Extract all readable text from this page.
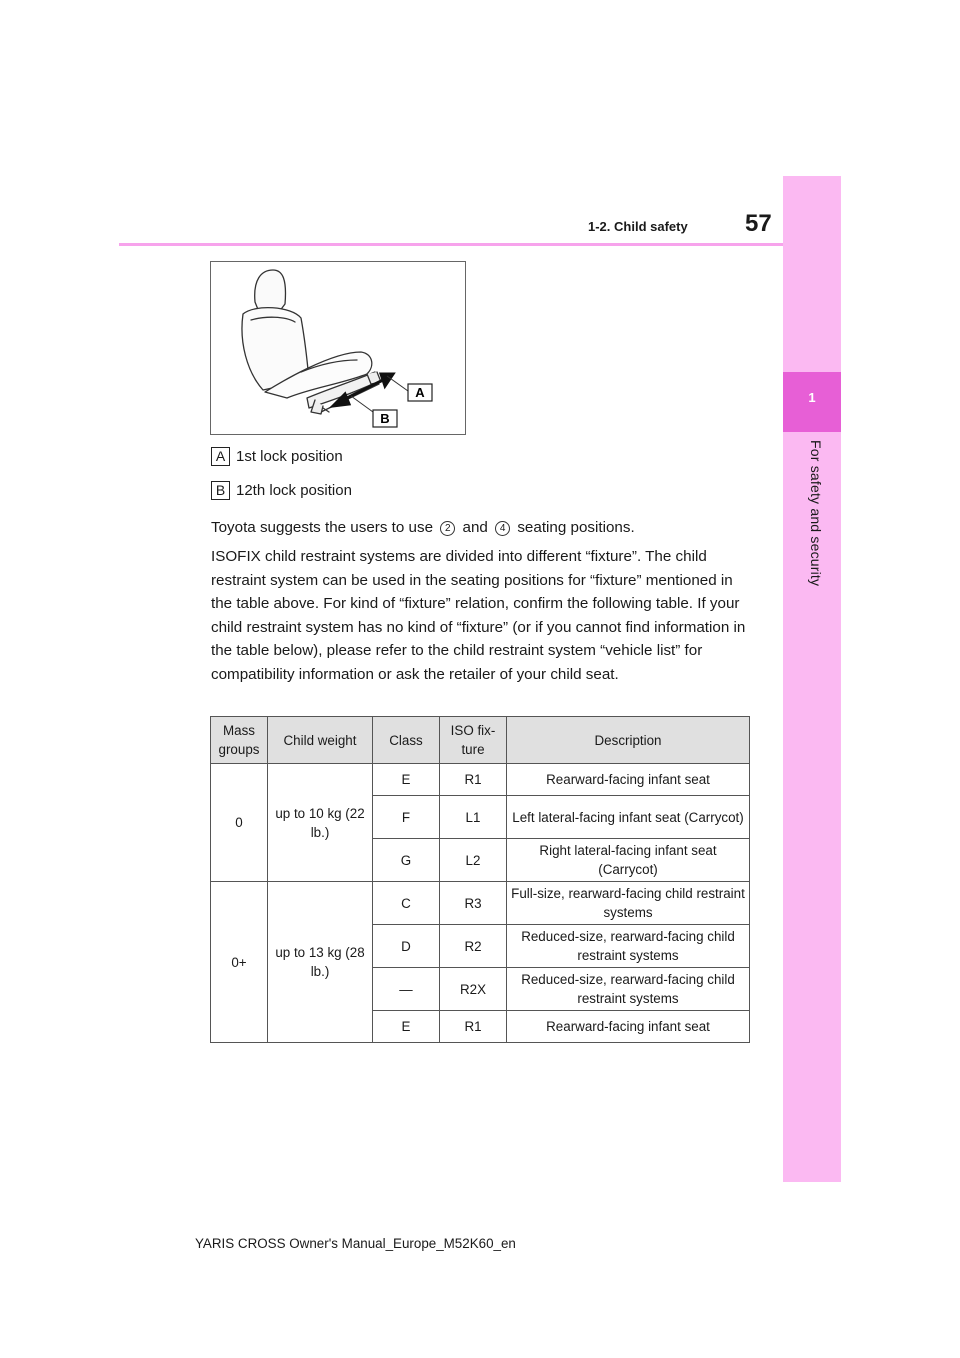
57
1-2. Child safety
1
For safety and security
A
B
A 1st lock position
B 12th lock position

Toyota suggests the users to use 2 and 4 seating positions.

ISOFIX child restraint systems are divided into different “fixture”. The child restraint system can be used in the seating positions for “fixture” mentioned in the table above. For kind of “fixture” relation, confirm the following table. If your child restraint system has no kind of “fixture” (or if you cannot find information in the table below), please refer to the child restraint system “vehicle list” for compatibility information or ask the retailer of your child seat.

Mass groups	Child weight	Class	ISO fix-ture	Description
0	up to 10 kg (22 lb.)	E	R1	Rearward-facing infant seat
		F	L1	Left lateral-facing infant seat (Carrycot)
		G	L2	Right lateral-facing infant seat (Carrycot)
0+	up to 13 kg (28 lb.)	C	R3	Full-size, rearward-facing child restraint systems
		D	R2	Reduced-size, rearward-facing child restraint systems
		—	R2X	Reduced-size, rearward-facing child restraint systems
		E	R1	Rearward-facing infant seat
YARIS CROSS Owner's Manual_Europe_M52K60_en
